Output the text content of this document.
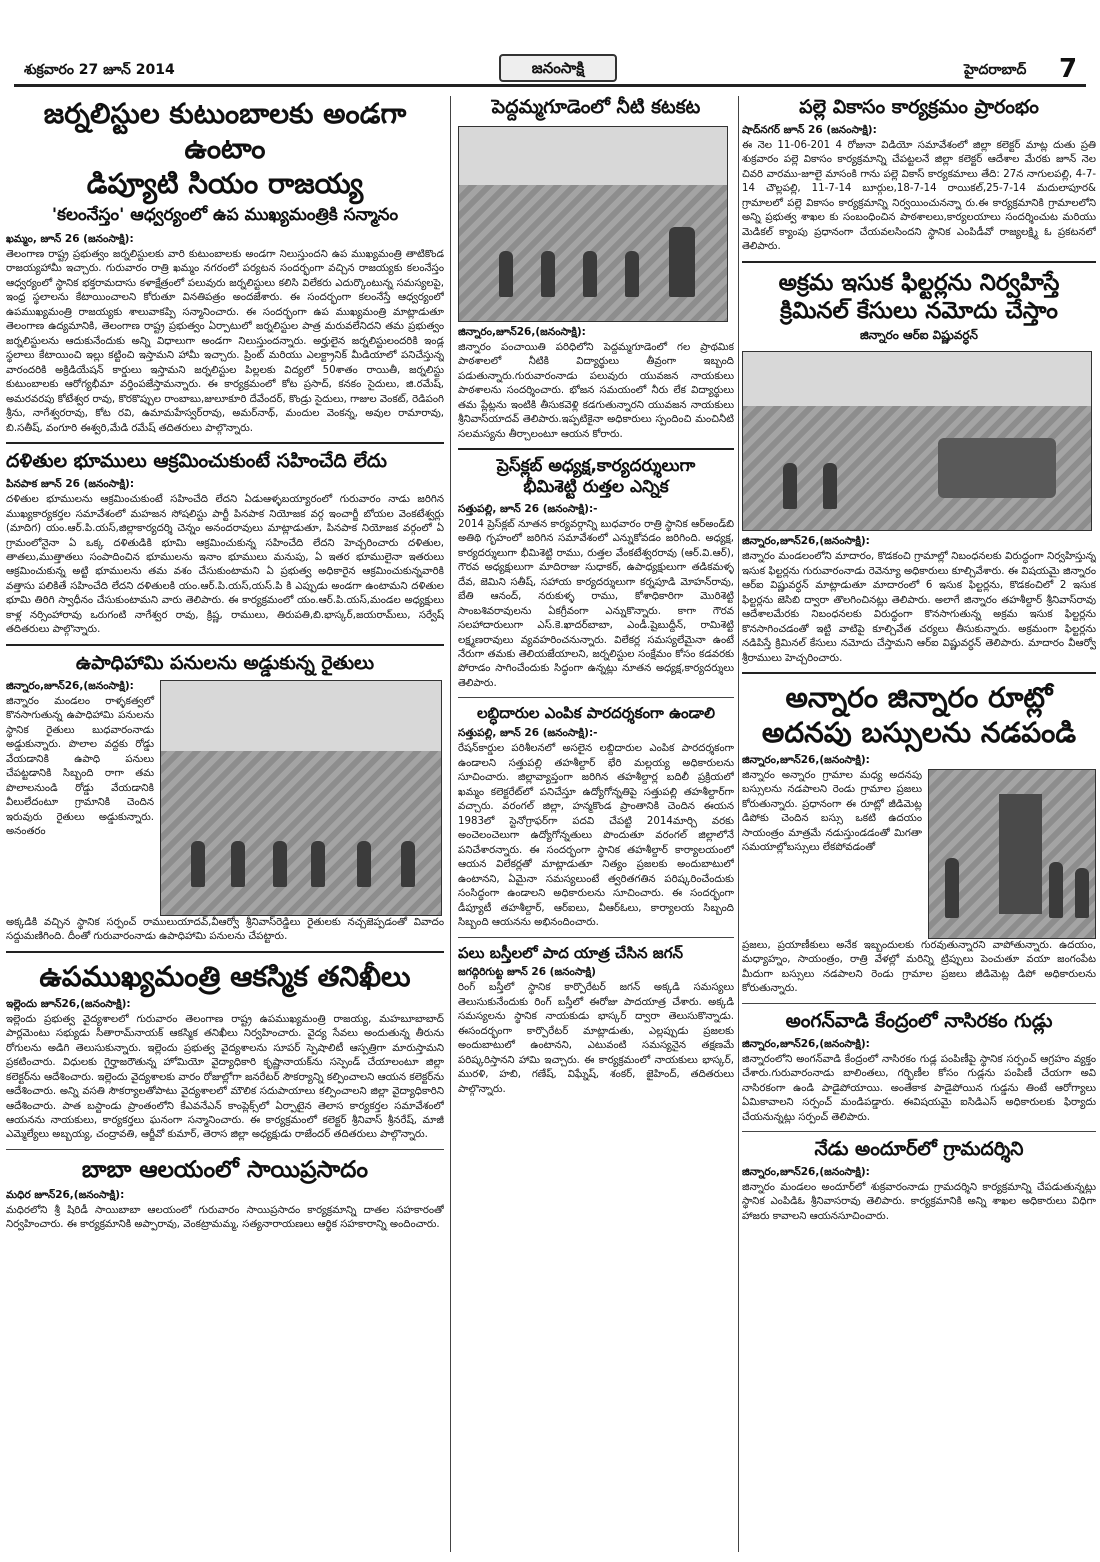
శుక్రవారం 27 జూన్ 2014	జనంసాక్షి	హైదరాబాద్ 7
జర్నలిస్టుల కుటుంబాలకు అండగా ఉంటాం
డిప్యూటి సియం రాజయ్య
'కలంనేస్తం' ఆధ్వర్యంలో ఉప ముఖ్యమంత్రికి సన్మానం
ఖమ్మం, జూన్ 26 (జనంసాక్షి):

తెలంగాణ రాష్ట్ర ప్రభుత్వం జర్నలిస్టులకు వారి కుటుంబాలకు అండగా నిలుస్తుందని ఉప ముఖ్యమంత్రి తాటికొండ రాజయ్యహామీ ఇచ్చారు. గురువారం రాత్రి ఖమ్మం నగరంలో పర్యటన సందర్భంగా వచ్చిన రాజయ్యకు కలంనేస్తం ఆధ్వర్యంలో స్థానిక భక్తరామదాసు కళాక్షేత్రంలో పలువురు జర్నలిస్టులు కలిసి విలేకరు ఎదుర్కొంటున్న సమస్యలపై, ఇంధ్ర స్థలాలను కేటాయించాలని కోరుతూ వినతిపత్రం అందజేశారు. ఈ సందర్భంగా కలంనేస్తే ఆధ్వర్యంలో ఉపముఖ్యమంత్రి రాజయ్యకు శాలువాకప్పి సన్మానించారు. ఈ సందర్భంగా ఉప ముఖ్యమంత్రి మాట్లాడుతూ తెలంగాణ ఉద్యమానికి, తెలంగాణ రాష్ట్ర ప్రభుత్వం ఏర్పాటులో జర్నలిస్టుల పాత్ర మరువలేనిదని తమ ప్రభుత్వం జర్నలిస్టులను ఆదుకునేందుకు అన్ని విధాలుగా అండగా నిలుస్తుందన్నారు. అర్హులైన జర్నలిస్టులందరికి ఇండ్ల స్థలాలు కేటాయించి ఇల్లు కట్టించి ఇస్తామని హామీ ఇచ్చారు. ప్రింట్ మరియు ఎలక్ట్రానిక్ మీడియాలో పనిచేస్తున్న వారందరికి అక్రిడియేషన్ కార్డులు ఇస్తామని జర్నలిస్టుల పిల్లలకు విద్యలో 50శాతం రాయితీ, జర్నలిస్టు కుటుంబాలకు ఆరోగ్యభీమా వర్తింపజేస్తామన్నారు. ఈ కార్యక్రమంలో కోట ప్రసాద్, కనకం సైదులు, జి.రమేష్, అమరవరపు కోటేశ్వర రావు, కొరకొప్పుల రాంబాబు,జులూకూరి దేవేందర్, కొండ్రు సైదులు, గాజుల వెంకట్, రెడిపంగి శ్రీను, నాగేశ్వరరావు, కోట రవి, ఉమామహేస్వర్‌రావు, అమర్‌నాథ్, మందుల వెంకన్న, అవుల రామారావు, బి.సతీష్, వంగూరి ఈశ్వరి,మేడి రమేష్ తదితరులు పాల్గొన్నారు.

దళితుల భూములు ఆక్రమించుకుంటే సహించేది లేదు
పినపాక జూన్ 26 (జనంసాక్షి):

దళితుల భూములను ఆక్రమించుకుంటే సహించేది లేదని ఏడుఆళ్ళబయ్యారంలో గురువారం నాడు జరిగిన ముఖ్యకార్యకర్తల సమావేశంలో మహజన సోషలిస్టు పార్టీ పినపాక నియోజక వర్గ ఇంచార్జీ బోయల వెంకటేశ్వర్లు (మాదిగ) యం.ఆర్.పి.యస్,జిల్లాకార్యదర్శి చెన్నం అనందరావులు మాట్లాడుతూ, పినపాక నియోజక వర్గంలో ఏ గ్రామంలోనైనా ఏ ఒక్క దళితుడికి భూమి ఆక్రమించుకున్న సహించేది లేదని హెచ్చరించారు దళితుల, తాతలు,ముత్తాతలు సంపాదించిన భూములను ఇనాం భూములు మనుపు, ఏ ఇతర భూములైనా ఇతరులు ఆక్రమించుకున్న అట్టి భూములను తమ వశం చేసుకుంటామని ఏ ప్రభుత్వ అధికారైన ఆక్రమించుకున్నవారికి వత్తాసు పలికితే సహించేది లేదని దళితులకి యం.ఆర్.పి.యస్,యస్.పి కి ఎప్పుడు అండగా ఉంటామని దళితుల భూమి తిరిగి స్వాధీనం చేసుకుంటామని వారు తెలిపారు. ఈ కార్యక్రమంలో యం.ఆర్.పి.యస్,మండల అధ్యక్షులు కాళ్ల నర్సింహారావు ఒరుగంటి నాగేశ్వర రావు, క్రిష్ణ, రాములు, తిరుపతి,బి.భాస్కర్,జయరామ్‌లు, సర్వేష్ తదితరులు పాల్గొన్నారు.

ఉపాధిహామి పనులను అడ్డుకున్న రైతులు
జిన్నారం,జూన్26,(జనంసాక్షి):

జిన్నారం మండలం రాళ్ళకత్వలో కొనసాగుతున్న ఉపాధిహామి పనులను స్థానిక రైతులు బుధవారంనాడు అడ్డుకున్నారు. పొలాల వద్దకు రోడ్డు వేయడానికి ఉపాధి పనులు చేపట్టడానికి సిబ్బంది రాగా తమ పొలాలనుండి రోడ్డు వేయడానికి వీలులేదంటూ గ్రామానికి చెందిన ఇరువురు రైతులు అడ్డుకున్నారు. అనంతరం

అక్కడికి వచ్చిన స్థానిక సర్పంచ్ రాములుయాదవ్,వీఆర్వో శ్రీనివాస్‌రెడ్డిలు రైతులకు నచ్చజెప్పడంతో వివాదం సద్దుమణిగింది. దీంతో గురువారంనాడు ఉపాధిహామి పనులను చేపట్టారు.

ఉపముఖ్యమంత్రి ఆకస్మిక తనిఖీలు
ఇల్లెందు జూన్26,(జనంసాక్షి):

ఇల్లెందు ప్రభుత్వ వైద్యశాలలో గురువారం తెలంగాణ రాష్ట్ర ఉపముఖ్యమంత్రి రాజయ్య, మహబూబాబాద్ పార్లమెంటు సభ్యుడు సీతారామ్‌నాయక్ ఆకస్మిక తనిఖీలు నిర్వహించారు. వైద్య సేవలు అందుతున్న తీరును రోగులను అడిగి తెలుసుకున్నారు. ఇల్లెందు ప్రభుత్వ వైద్యశాలను సూపర్ స్పెషాలిటీ ఆస్పత్రిగా మారుస్తామని ప్రకటించారు. విధులకు గైర్హాజరౌతున్న హోమియో వైద్యాధికారి కృష్ణానాయక్‌ను సస్పెండ్ చేయాలంటూ జిల్లా కలెక్టర్‌ను ఆదేశించారు. ఇల్లెందు వైద్యశాలకు వారం రోజుల్లోగా జనరేటర్ సౌకర్యాన్ని కల్పించాలని ఆయన కలెక్టర్‌ను ఆదేశించారు. అన్ని వసతి సౌకర్యాలతోపాటు వైద్యశాలలో మౌలిక సదుపాయాలు కల్పించాలని జిల్లా వైద్యాధికారిని ఆదేశించారు. పాత బస్టాండు ప్రాంతంలోని కేఎవనేఎన్ కాంప్లెక్స్‌లో ఏర్పాటైన తెలాస కార్యకర్తల సమావేశంలో ఆయనను నాయకులు, కార్యకర్తలు ఘనంగా సన్మానించారు. ఈ కార్యక్రమంలో కలెక్టర్ శ్రీనివాస్ శ్రీనరేష్, మాజీ ఎమ్మెల్యేలు అబ్బయ్య, చంద్రావతి, ఆర్జీవో కుమార్, తెరాస జిల్లా అధ్యక్షుడు రాజేందర్ తదితరులు పాల్గొన్నారు.

బాబా ఆలయంలో సాయిప్రసాదం
మధిర జూన్26,(జనంసాక్షి):

మధిరలోని శ్రీ షిరిడీ సాయిబాబా ఆలయంలో గురువారం సాయిప్రసాదం కార్యక్రమాన్ని దాతల సహకారంతో నిర్వహించారు. ఈ కార్యక్రమానికి అప్పారావు, వెంకట్రామమ్మ, సత్యనారాయణలు ఆర్థిక సహకారాన్ని అందించారు.

పెద్దమ్మగూడెంలో నీటి కటకట
జిన్నారం,జూన్26,(జనంసాక్షి):

జిన్నారం పంచాయితి పరిధిలోని పెద్దమ్మగూడెంలో గల ప్రాథమిక పాఠశాలలో నీటికి విద్యార్థులు తీవ్రంగా ఇబ్బంది పడుతున్నారు.గురువారంనాడు పలువురు యువజన నాయకులు పాఠశాలను సందర్శించారు. భోజన సమయంలో నీరు లేక విద్యార్థులు తమ ప్లేట్లను ఇంటికి తీసుకవెళ్లి కడగుతున్నారని యువజన నాయకులు శ్రీనివాస్‌యాదవ్ తెలిపారు.ఇప్పటికైనా అధికారులు స్పందించి మంచినీటి సలమస్యను తీర్చాలంటూ ఆయన కోరారు.

ప్రెస్‌క్లబ్ అధ్యక్ష,కార్యదర్శులుగా
భీమిశెట్టి రుత్తల ఎన్నిక
సత్తుపల్లి, జూన్ 26 (జనంసాక్షి):-

2014 ప్రెస్‌క్లబ్ నూతన కార్యవర్గాన్ని బుధవారం రాత్రి స్థానిక ఆర్‌అండ్‌బి అతిథి గృహంలో జరిగిన సమావేశంలో ఎన్నుకోవడం జరిగింది. అధ్యక్ష, కార్యదర్శులుగా భీమిశెట్టి రాము, రుత్తల వేంకటేశ్వరరావు (ఆర్.వి.ఆర్), గౌరవ అధ్యక్షులుగా మాదిరాజు సుధాకర్, ఉపాధ్యక్షులుగా తడికమళ్ళ దేవ, జెమిని సతీష్, సహాయ కార్యదర్శులుగా కర్నపూడి మోహన్‌రావు, బేతి ఆనంద్, నరుకుళ్ళ రాము, కోశాధికారిగా మొరిశెట్టి సాంబశివరావులను ఏకగ్రీవంగా ఎన్నుకొన్నారు. కాగా గౌరవ సలహాదారులుగా ఎస్.కె.ఖాదర్‌బాబా, ఎండీ.షైబుద్దీన్, రామిశెట్టి లక్ష్మణరావులు వ్యవహరించనున్నారు. విలేకర్ల సమస్యలేమైనా ఉంటే నేరుగా తమకు తెలియజేయాలని, జర్నలిస్టుల సంక్షేమం కోసం కడవరకు పోరాడం సాగించేందుకు సిద్ధంగా ఉన్నట్లు నూతన అధ్యక్ష,కార్యదర్శులు తెలిపారు.

లబ్ధిదారుల ఎంపిక పారదర్శకంగా ఉండాలి
సత్తుపల్లి, జూన్ 26 (జనంసాక్షి):-

రేషన్‌కార్డుల పరిశీలనలో అసలైన లబ్దిదారుల ఎంపిక పారదర్శకంగా ఉండాలని సత్తుపల్లి తహశీల్దార్ భేరి మల్లయ్య అధికారులను సూచించారు. జిల్లావ్యాప్తంగా జరిగిన తహశీల్దార్ల బదిలీ ప్రక్రియలో ఖమ్మం కలెక్టరేట్‌లో పనిచేస్తూ ఉద్యోగోన్నతిపై సత్తుపల్లి తహశీల్దార్‌గా వచ్చారు. వరంగల్ జిల్లా, హన్మకొండ ప్రాంతానికి చెందిన ఈయన 1983లో స్టెనోగ్రాఫర్‌గా పదవి చేపట్టి 2014మార్చి వరకు అంచెలంచెలుగా ఉద్యోగోన్నతులు పొందుతూ వరంగల్ జిల్లాలోనే పనిచేశారన్నారు. ఈ సందర్భంగా స్థానిక తహశీల్దార్ కార్యాలయంలో ఆయన విలేకర్లతో మాట్లాడుతూ నిత్యం ప్రజలకు అందుబాటులో ఉంటానని, ఏమైనా సమస్యలుంటే త్వరితగతిన పరిష్కరించేందుకు సంసిద్ధంగా ఉండాలని అధికారులను సూచించారు. ఈ సందర్భంగా డీప్యూటీ తహశీల్దార్, ఆర్‌ఐలు, వీఆర్‌ఓలు, కార్యాలయ సిబ్బంది సిబ్బంది ఆయనను అభినందించారు.

పలు బస్తీలలో పాద యాత్ర చేసిన జగన్
జగద్గిరిగుట్ట జూన్ 26 (జనంసాక్షి)

రింగ్ బస్తీలో స్థానిక కార్పొరేటర్ జగన్ అక్కడి సమస్యలు తెలుసుకునేందుకు రింగ్ బస్తీలో ఈరోజు పాదయాత్ర చేశారు. అక్కడి సమస్యలను స్థానిక నాయకుడు భాస్కర్ ద్వారా తెలుసుకొన్నాడు. ఈసందర్భంగా కార్పొరేటర్ మాట్లాడుతు, ఎల్లప్పుడు ప్రజలకు అందుబాటులో ఉంటానని, ఎటువంటి సమస్యనైన తక్షణమే పరిష్కరిస్తానని హామి ఇచ్చారు. ఈ కార్యక్రమంలో నాయకులు భాస్కర్, మురళి, హబి, గణేష్, విఘ్నేష్, శంకర్, జైహింద్, తదితరులు పాల్గొన్నారు.

పల్లె వికాసం కార్యక్రమం ప్రారంభం
షాద్‌నగర్ జూన్ 26 (జనంసాక్షి):

ఈ నెల 11-06-201 4 రోజునా విడియో సమావేశంలో జిల్లా కలెక్టర్ మాట్ల దుతు ప్రతి శుక్రవారం పల్లె వికాసం కార్యక్రమాన్ని చేపట్టలనే జిల్లా కలెక్టర్ ఆదేశాల మేరకు జూన్ నెల చివరి వారము-జూలై మాసంకి గాను పల్లె వికాస్ కార్యకమాలు తేది: 27న నాగులపల్లి, 4-7-14 చౌల్లపల్లి, 11-7-14 బూర్గుల,18-7-14 రాయికల్,25-7-14 మదులాపూర& గ్రామాలలో పల్లె వికాసం కార్యక్రమాన్ని నిర్వయించునన్నా రు.ఈ కార్యక్రమానికి గ్రామాలలోని అన్ని ప్రభుత్వ శాఖల కు సంబంధించిన పాఠశాలలు,కార్యలయాలు సందర్శించుట మరియు మెడికల్ క్యాంపు ప్రధానంగా చేయవలసిందని స్థానిక ఎంపిడీవో రాజ్యలక్ష్మి ఓ ప్రకటనలో తెలిపారు.

అక్రమ ఇసుక ఫిల్టర్లను నిర్వహిస్తే
క్రిమినల్ కేసులు నమోదు చేస్తాం
జిన్నారం ఆర్‌ఐ విష్ణువర్ధన్
జిన్నారం,జూన్26,(జనంసాక్షి):

జిన్నారం మండలంలోని మాదారం, కొడకంచి గ్రామాల్లో నిబంధనలకు విరుద్ధంగా నిర్వహిస్తున్న ఇసుక ఫిల్టర్లను గురువారంనాడు రెవెన్యూ అధికారులు కూల్చివేశారు. ఈ విషయమై జిన్నారం ఆర్‌ఐ విష్ణువర్ధన్ మాట్లాడుతూ మాదారంలో 6 ఇసుక ఫిల్టర్లను, కొడకంచిలో 2 ఇసుక ఫిల్టర్లను జెసిబి ద్వారా తొలగించినట్లు తెలిపారు. అలాగే జిన్నారం తహశీల్దార్ శ్రీనివాస్‌రావు ఆదేశాలమేరకు నిబంధనలకు విరుద్ధంగా కొనసాగుతున్న అక్రమ ఇసుక ఫిల్టర్లను కొనసాగించడంతో ఇట్టి వాటిపై కూల్చివేత చర్యలు తీసుకున్నారు. అక్రమంగా ఫిల్టర్లను నడిపిస్తే క్రిమినల్ కేసులు నమోదు చేస్తామని ఆర్‌ఐ విష్ణువర్ధన్ తెలిపారు. మాదారం వీఆర్వో శ్రీరాములు హెచ్చరించారు.

అన్నారం జిన్నారం రూట్లో
అదనపు బస్సులను నడపండి
జిన్నారం,జూన్26,(జనంసాక్షి):

జిన్నారం అన్నారం గ్రామాల మధ్య అదనపు బస్సులను నడపాలని రెండు గ్రామాల ప్రజలు కోరుతున్నారు. ప్రధానంగా ఈ రూట్లో జీడిమెట్ల డిపోకు చెందిన బస్సు ఒకటి ఉదయం సాయంత్రం మాత్రమే నడుస్తుండడంతో మిగతా సమయాల్లోబస్సులు లేకపోవడంతో

ప్రజలు, ప్రయాణీకులు అనేక ఇబ్బందులకు గురవుతున్నారని వాపోతున్నారు. ఉదయం, మధ్యాహ్నం, సాయంత్రం, రాత్రి వేళల్లో మరిన్ని ట్రిప్పులు పెంచుతూ వయా జంగంపేట మీదుగా బస్సులు నడపాలని రెండు గ్రామాల ప్రజలు జీడిమెట్ల డిపో అధికారులను కోరుతున్నారు.

అంగన్‌వాడి కేంద్రంలో నాసిరకం గుడ్లు
జిన్నారం,జూన్26,(జనంసాక్షి):

జిన్నారంలోని అంగన్‌వాడి కేంద్రంలో నాసిరకం గుడ్ల పంపిణీపై స్థానిక సర్పంచ్ ఆగ్రహం వ్యక్తం చేశారు.గురువారంనాడు బాలింతలు, గర్భిణీల కోసం గుడ్లను పంపిణీ చేయగా అవి నాసిరకంగా ఉండి పాడైపోయాయి. అంతేకాక పాడైపోయిన గుడ్డను తింటే ఆరోగ్యాలు ఏమికావాలని సర్పంచ్ మండిపడ్డారు. ఈవిషయమై ఐసిడిఎస్ అధికారులకు ఫిర్యాదు చేయనున్నట్లు సర్పంచ్ తెలిపారు.

నేడు అందూర్‌లో గ్రామదర్శిని
జిన్నారం,జూన్26,(జనంసాక్షి):

జిన్నారం మండలం అందూర్‌లో శుక్రవారంనాడు గ్రామదర్శిని కార్యక్రమాన్ని చేపడుతున్నట్లు స్థానిక ఎంపిడిఓ శ్రీనివాసరావు తెలిపారు. కార్యక్రమానికి అన్ని శాఖల అధికారులు విధిగా హాజరు కావాలని ఆయనసూచించారు.
